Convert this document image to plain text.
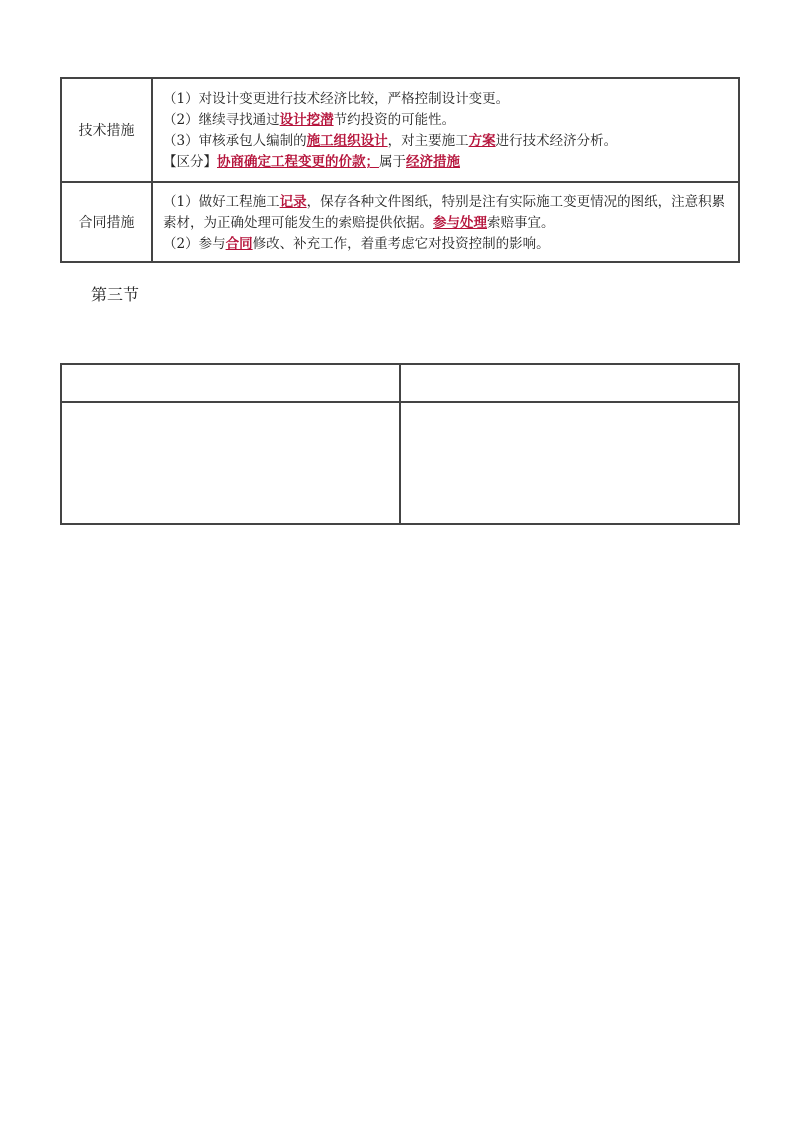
技术措施	（1）对设计变更进行技术经济比较，严格控制设计变更。

（2）继续寻找通过设计挖潜节约投资的可能性。

（3）审核承包人编制的施工组织设计，对主要施工方案进行技术经济分析。

【区分】协商确定工程变更的价款；属于经济措施

合同措施	（1）做好工程施工记录，保存各种文件图纸，特别是注有实际施工变更情况的图纸，注意积累素材，为正确处理可能发生的索赔提供依据。参与处理索赔事宜。

（2）参与合同修改、补充工作，着重考虑它对投资控制的影响。

第三节
